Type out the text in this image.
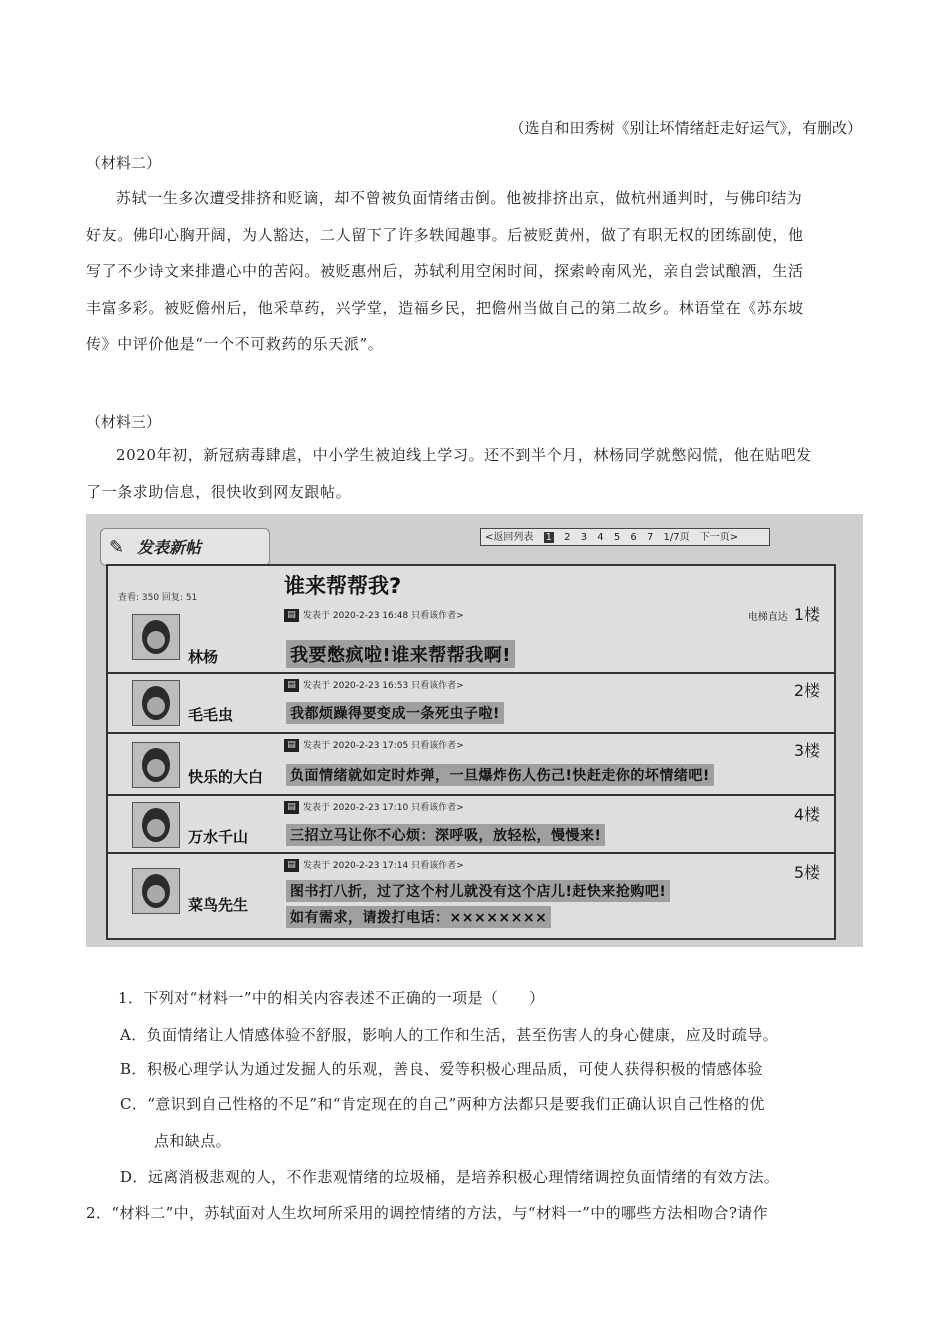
（选自和田秀树《别让坏情绪赶走好运气》，有删改）
（材料二）
苏轼一生多次遭受排挤和贬谪，却不曾被负面情绪击倒。他被排挤出京，做杭州通判时，与佛印结为
好友。佛印心胸开阔，为人豁达，二人留下了许多轶闻趣事。后被贬黄州，做了有职无权的团练副使，他
写了不少诗文来排遣心中的苦闷。被贬惠州后，苏轼利用空闲时间，探索岭南风光，亲自尝试酿酒，生活
丰富多彩。被贬儋州后，他采草药，兴学堂，造福乡民，把儋州当做自己的第二故乡。林语堂在《苏东坡
传》中评价他是“一个不可救药的乐天派”。
（材料三）
2020年初，新冠病毒肆虐，中小学生被迫线上学习。还不到半个月，林杨同学就憋闷慌，他在贴吧发
了一条求助信息，很快收到网友跟帖。
✎ 发表新帖
<返回列表 1 2 3 4 5 6 7 1/7页 下一页>
谁来帮帮我?
查看: 350 回复: 51
林杨
▤ 发表于 2020-2-23 16:48 只看该作者>	电梯直达 1楼
我要憋疯啦!谁来帮帮我啊!
毛毛虫
▤ 发表于 2020-2-23 16:53 只看该作者>	2楼
我都烦躁得要变成一条死虫子啦!
快乐的大白
▤ 发表于 2020-2-23 17:05 只看该作者>	3楼
负面情绪就如定时炸弹，一旦爆炸伤人伤己!快赶走你的坏情绪吧!
万水千山
▤ 发表于 2020-2-23 17:10 只看该作者>	4楼
三招立马让你不心烦：深呼吸，放轻松，慢慢来!
菜鸟先生
▤ 发表于 2020-2-23 17:14 只看该作者>	5楼
图书打八折，过了这个村儿就没有这个店儿!赶快来抢购吧!
如有需求，请拨打电话：××××××××
1．下列对“材料一”中的相关内容表述不正确的一项是（　　）
A．负面情绪让人情感体验不舒服，影响人的工作和生活，甚至伤害人的身心健康，应及时疏导。
B．积极心理学认为通过发掘人的乐观，善良、爱等积极心理品质，可使人获得积极的情感体验
C．“意识到自己性格的不足”和“肯定现在的自己”两种方法都只是要我们正确认识自己性格的优
点和缺点。
D．远离消极悲观的人，不作悲观情绪的垃圾桶，是培养积极心理情绪调控负面情绪的有效方法。
2．“材料二”中，苏轼面对人生坎坷所采用的调控情绪的方法，与“材料一”中的哪些方法相吻合?请作
